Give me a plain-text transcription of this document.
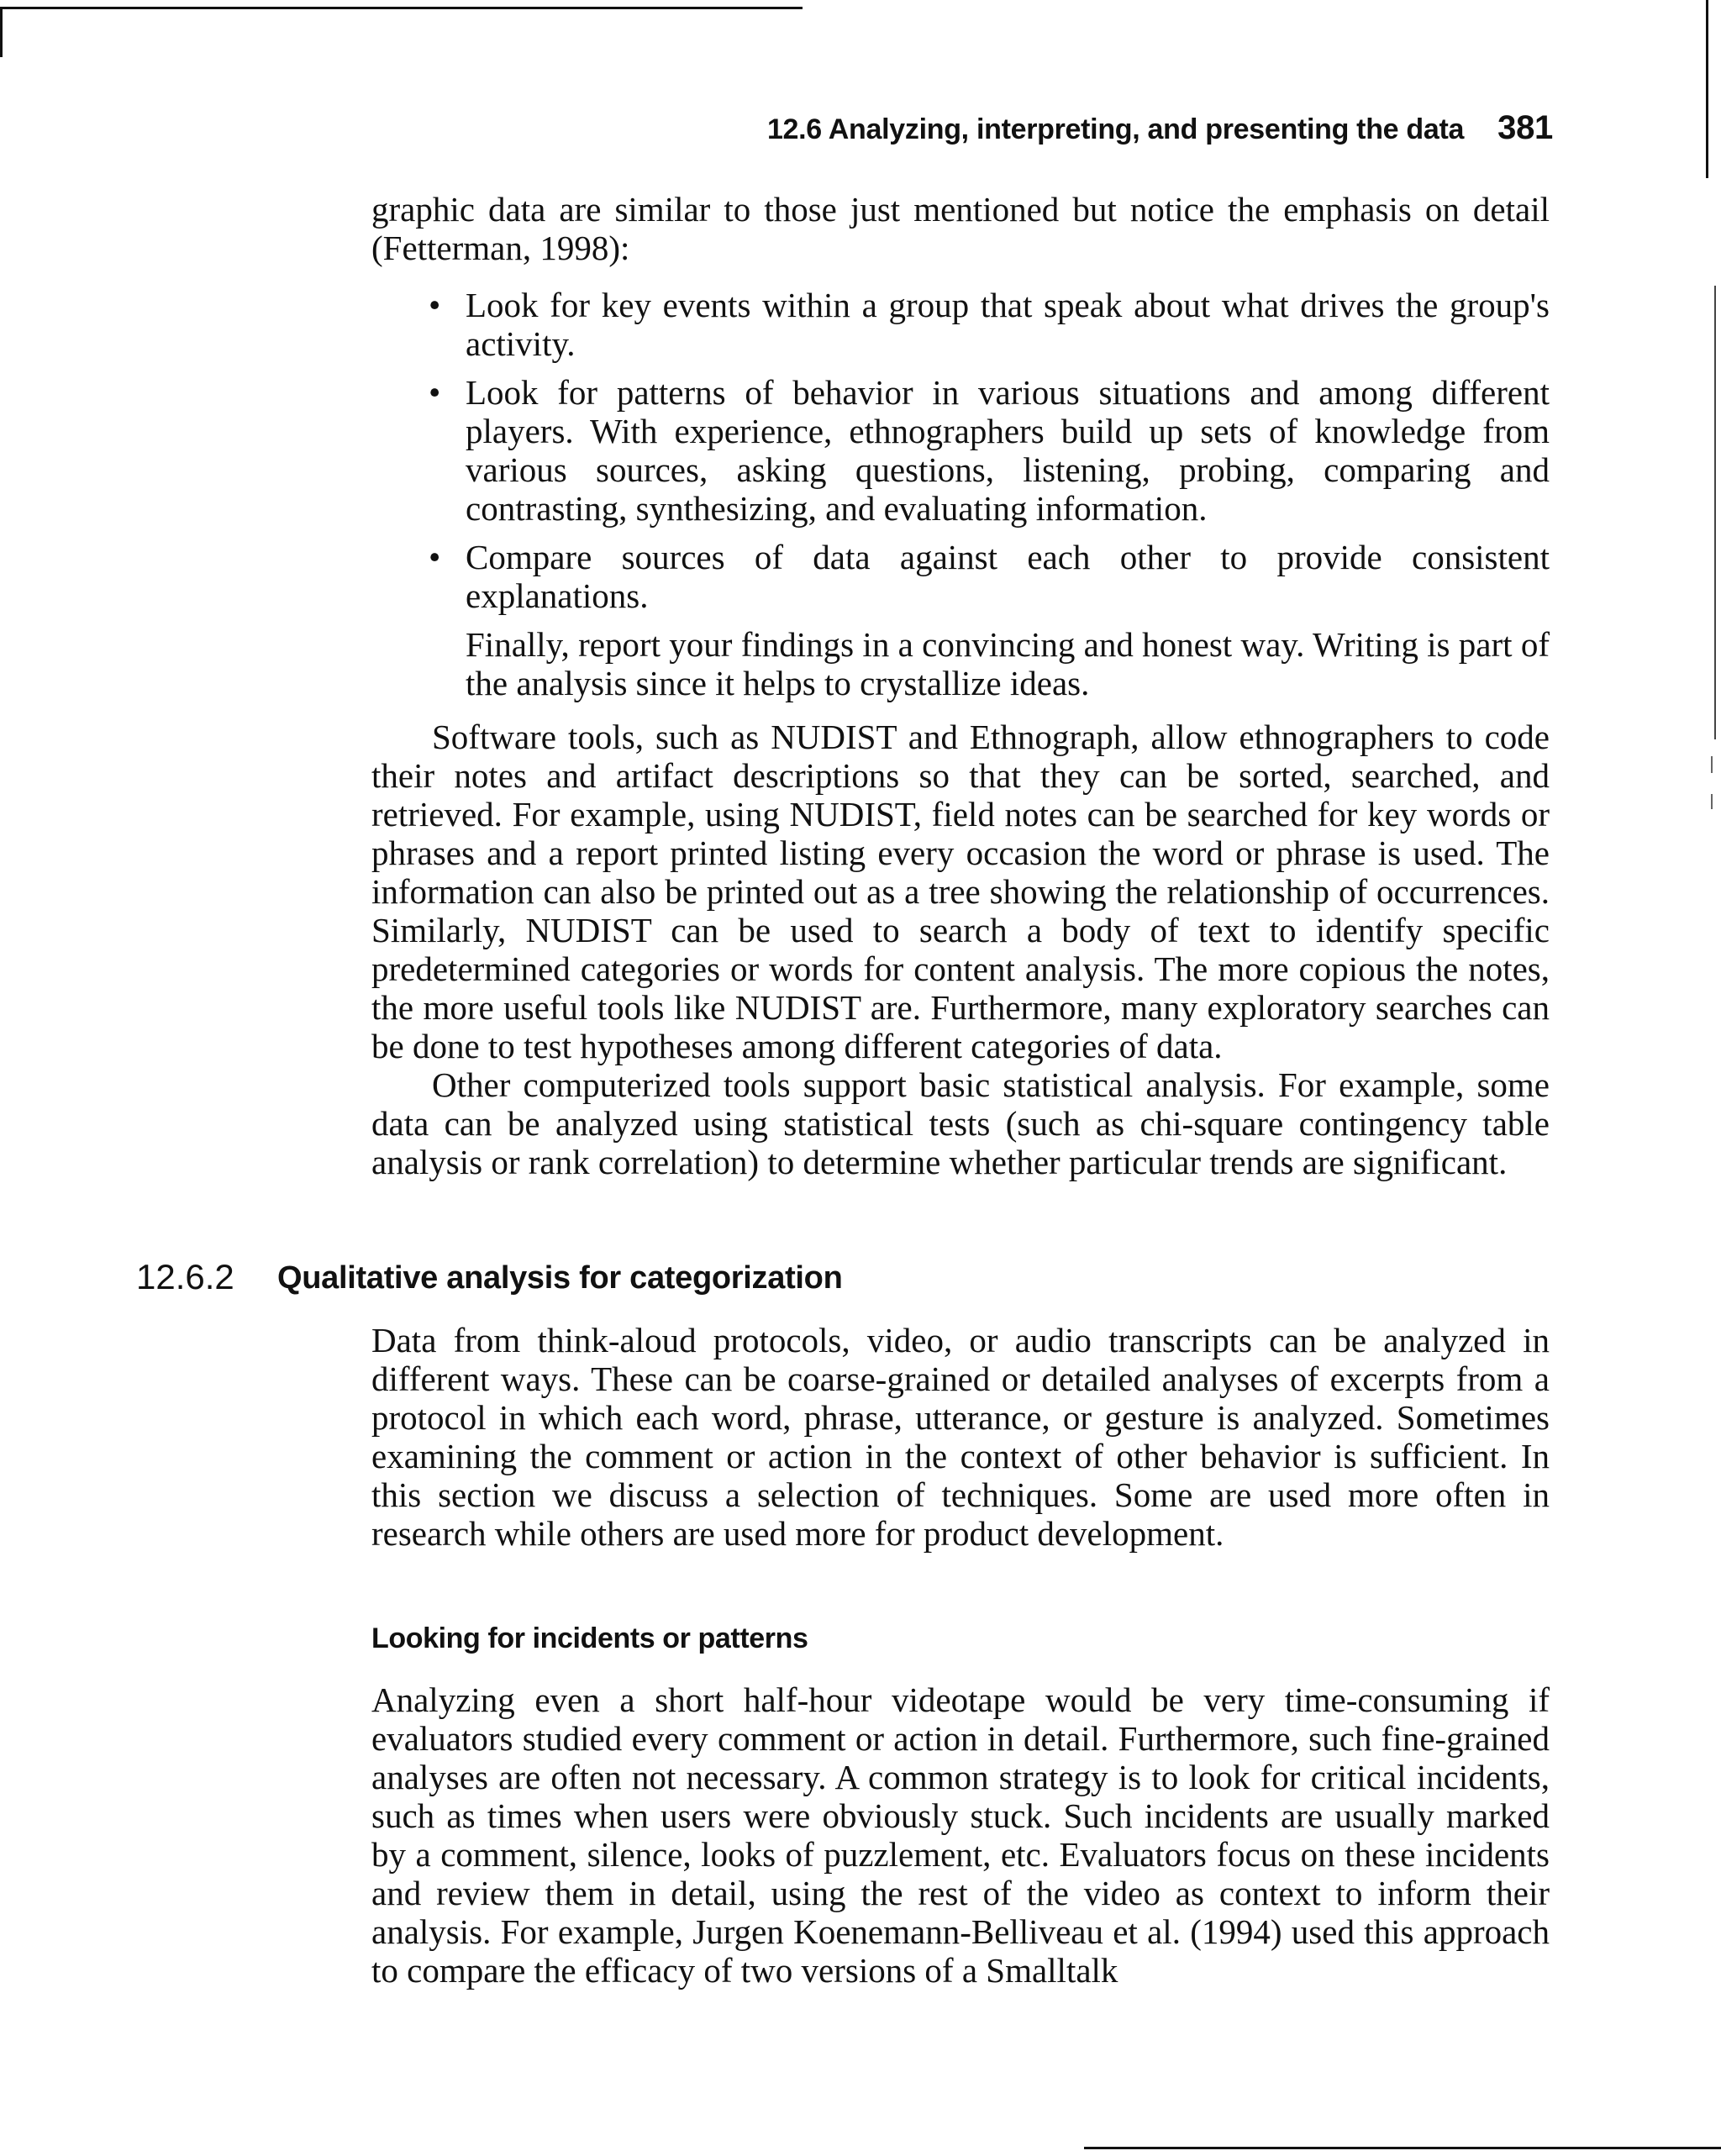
12.6 Analyzing, interpreting, and presenting the data 381

graphic data are similar to those just mentioned but notice the emphasis on detail (Fetterman, 1998):

• Look for key events within a group that speak about what drives the group's activity.
• Look for patterns of behavior in various situations and among different players. With experience, ethnographers build up sets of knowledge from various sources, asking questions, listening, probing, comparing and contrasting, synthesizing, and evaluating information.
• Compare sources of data against each other to provide consistent explanations.

Finally, report your findings in a convincing and honest way. Writing is part of the analysis since it helps to crystallize ideas.

Software tools, such as NUDIST and Ethnograph, allow ethnographers to code their notes and artifact descriptions so that they can be sorted, searched, and retrieved. For example, using NUDIST, field notes can be searched for key words or phrases and a report printed listing every occasion the word or phrase is used. The information can also be printed out as a tree showing the relationship of occurrences. Similarly, NUDIST can be used to search a body of text to identify specific predetermined categories or words for content analysis. The more copious the notes, the more useful tools like NUDIST are. Furthermore, many exploratory searches can be done to test hypotheses among different categories of data.

Other computerized tools support basic statistical analysis. For example, some data can be analyzed using statistical tests (such as chi-square contingency table analysis or rank correlation) to determine whether particular trends are significant.

12.6.2 Qualitative analysis for categorization

Data from think-aloud protocols, video, or audio transcripts can be analyzed in different ways. These can be coarse-grained or detailed analyses of excerpts from a protocol in which each word, phrase, utterance, or gesture is analyzed. Sometimes examining the comment or action in the context of other behavior is sufficient. In this section we discuss a selection of techniques. Some are used more often in research while others are used more for product development.

Looking for incidents or patterns

Analyzing even a short half-hour videotape would be very time-consuming if evaluators studied every comment or action in detail. Furthermore, such fine-grained analyses are often not necessary. A common strategy is to look for critical incidents, such as times when users were obviously stuck. Such incidents are usually marked by a comment, silence, looks of puzzlement, etc. Evaluators focus on these incidents and review them in detail, using the rest of the video as context to inform their analysis. For example, Jurgen Koenemann-Belliveau et al. (1994) used this approach to compare the efficacy of two versions of a Smalltalk
